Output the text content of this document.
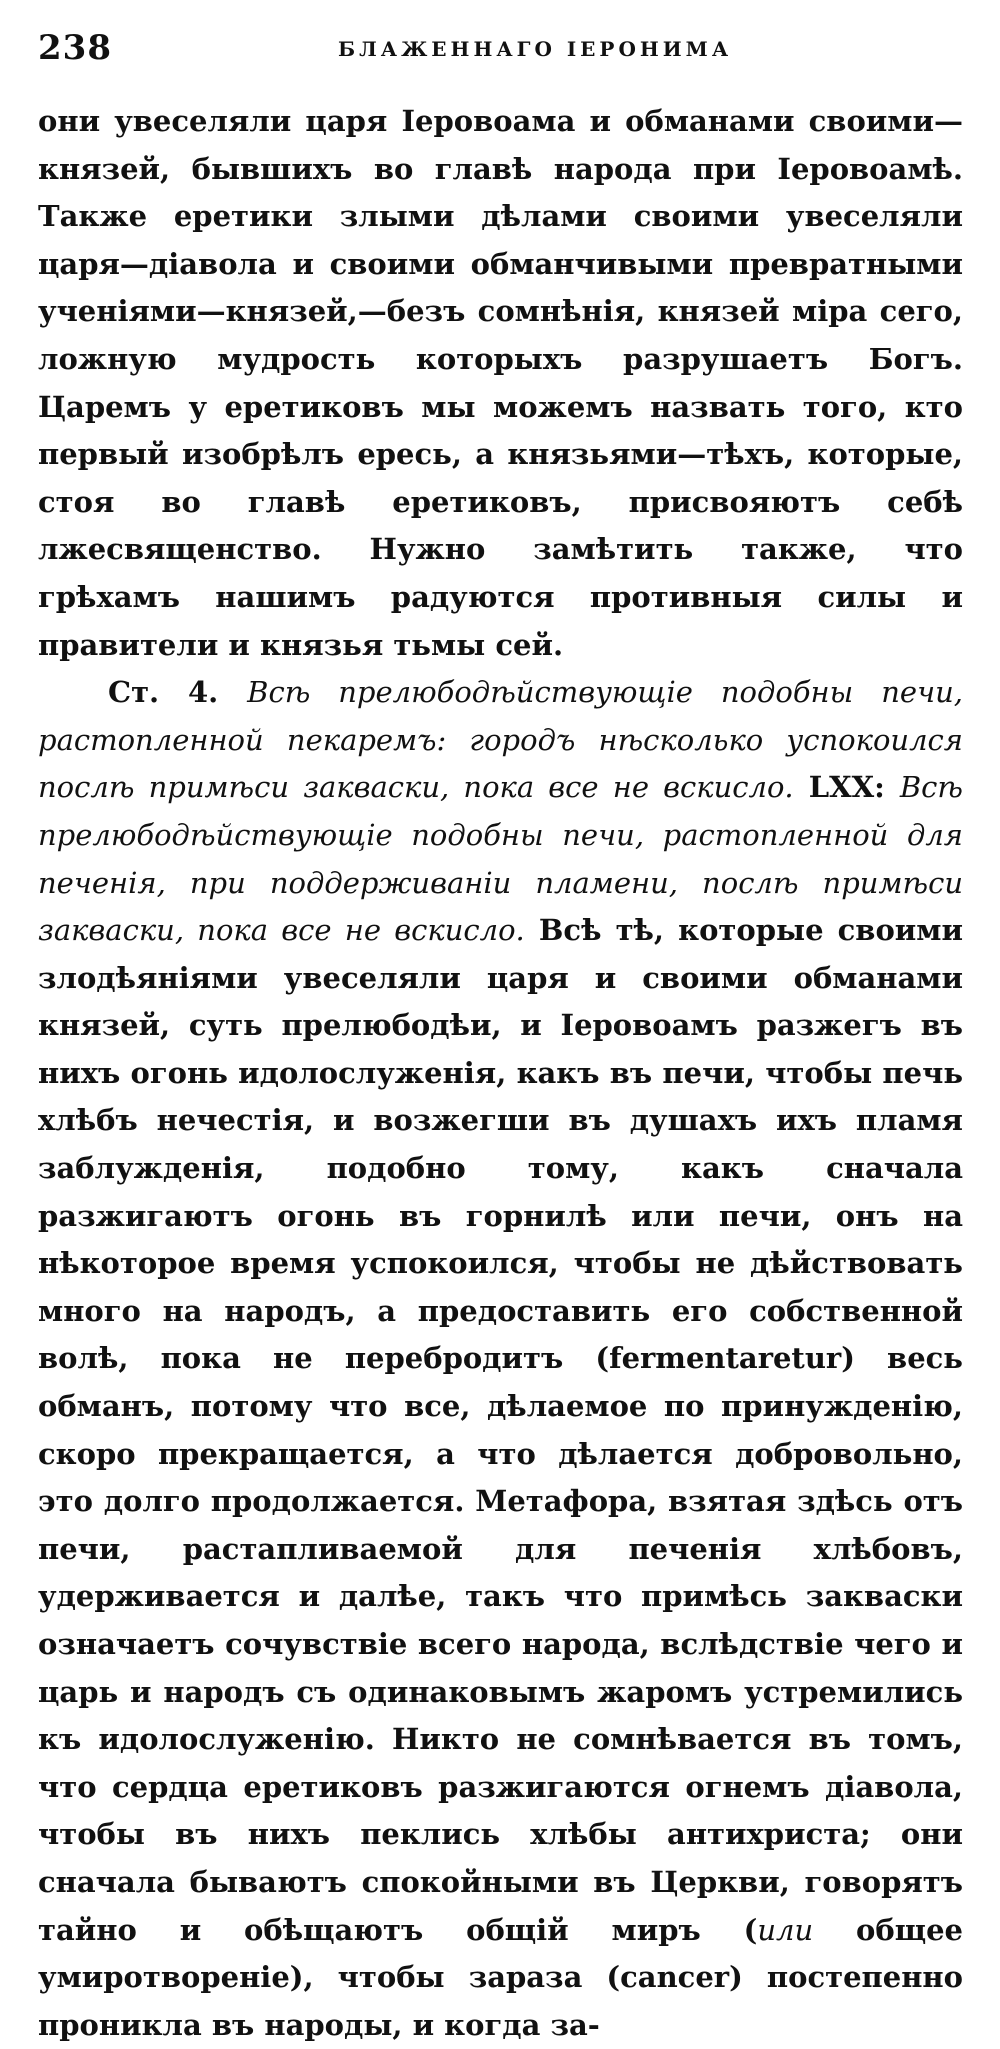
238	БЛАЖЕННАГО ІЕРОНИМА

они увеселяли царя Іеровоама и обманами своими—князей, бывшихъ во главѣ народа при Іеровоамѣ. Также еретики злыми дѣлами своими увеселяли царя—діавола и своими обманчивыми превратными ученіями—князей,—безъ сомнѣнія, князей міра сего, ложную мудрость которыхъ разрушаетъ Богъ. Царемъ у еретиковъ мы можемъ назвать того, кто первый изобрѣлъ ересь, а князьями—тѣхъ, которые, стоя во главѣ еретиковъ, присвояютъ себѣ лжесвященство. Нужно замѣтить также, что грѣхамъ нашимъ радуются противныя силы и правители и князья тьмы сей.

Ст. 4. Всѣ прелюбодѣйствующіе подобны печи, растопленной пекаремъ: городъ нѣсколько успокоился послѣ примѣси закваски, пока все не вскисло. LXX: Всѣ прелюбодѣйствующіе подобны печи, растопленной для печенія, при поддерживаніи пламени, послѣ примѣси закваски, пока все не вскисло. Всѣ тѣ, которые своими злодѣяніями увеселяли царя и своими обманами князей, суть прелюбодѣи, и Іеровоамъ разжегъ въ нихъ огонь идолослуженія, какъ въ печи, чтобы печь хлѣбъ нечестія, и возжегши въ душахъ ихъ пламя заблужденія, подобно тому, какъ сначала разжигаютъ огонь въ горнилѣ или печи, онъ на нѣкоторое время успокоился, чтобы не дѣйствовать много на народъ, а предоставить его собственной волѣ, пока не перебродитъ (fermentaretur) весь обманъ, потому что все, дѣлаемое по принужденію, скоро прекращается, а что дѣлается добровольно, это долго продолжается. Метафора, взятая здѣсь отъ печи, растапливаемой для печенія хлѣбовъ, удерживается и далѣе, такъ что примѣсь закваски означаетъ сочувствіе всего народа, вслѣдствіе чего и царь и народъ съ одинаковымъ жаромъ устремились къ идолослуженію. Никто не сомнѣвается въ томъ, что сердца еретиковъ разжигаются огнемъ діавола, чтобы въ нихъ пеклись хлѣбы антихриста; они сначала бываютъ спокойными въ Церкви, говорятъ тайно и обѣщаютъ общій миръ (или общее умиротвореніе), чтобы зараза (cancer) постепенно проникла въ народы, и когда за-
